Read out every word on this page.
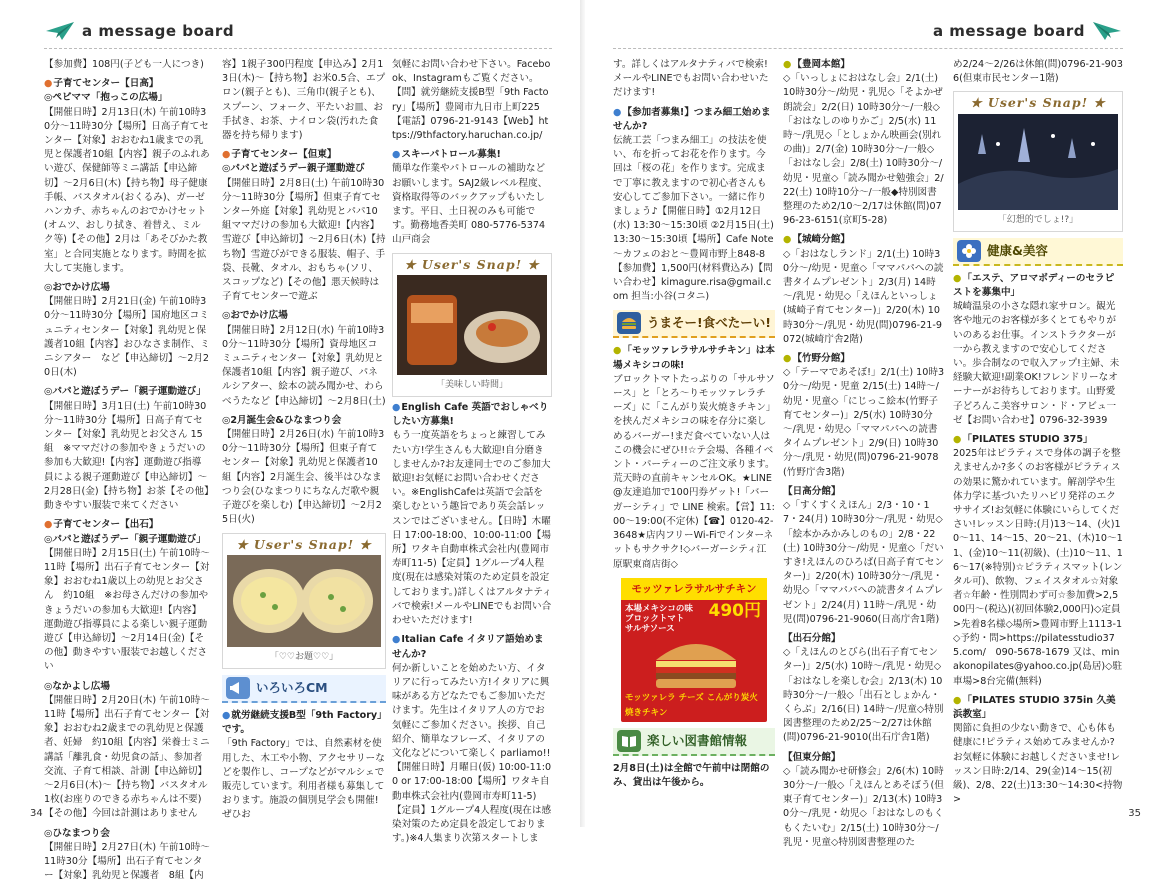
a message board

【参加費】108円(子ども一人につき)

● 子育てセンター【日高】

◎ぺビママ「抱っこの広場」

【開催日時】2月13日(木) 午前10時30分～11時30分【場所】日高子育てセンター【対象】おおむね1歳までの乳児と保護者10組【内容】親子のふれあい遊び、保健師等ミニ講話【申込締切】～2月6日(木)【持ち物】母子健康手帳、バスタオル(おくるみ)、ガーゼハンカチ、赤ちゃんのおでかけセット(オムツ、おしり拭き、着替え、ミルク等)【その他】2月は「あそびかた教室」と合同実施となります。時間を拡大して実施します。

◎おでかけ広場

【開催日時】2月21日(金) 午前10時30分～11時30分【場所】国府地区コミュニティセンター【対象】乳幼児と保護者10組【内容】おひなさま制作、ミニシアター　など【申込締切】～2月20日(木)

◎パパと遊ぼうデー「親子運動遊び」

【開催日時】3月1日(土) 午前10時30分～11時30分【場所】日高子育てセンター【対象】乳幼児とお父さん 15組　※ママだけの参加やきょうだいの参加も大歓迎!【内容】運動遊び指導員による親子運動遊び【申込締切】～2月28日(金)【持ち物】お茶【その他】動きやすい服装で来てください

● 子育てセンター【出石】

◎パパと遊ぼうデー「親子運動遊び」

【開催日時】2月15日(土) 午前10時～11時【場所】出石子育てセンター【対象】おおむね1歳以上の幼児とお父さん　約10組　※お母さんだけの参加やきょうだいの参加も大歓迎!【内容】運動遊び指導員による楽しい親子運動遊び【申込締切】～2月14日(金)【その他】動きやすい服装でお越しください

◎なかよし広場

【開催日時】2月20日(木) 午前10時～11時【場所】出石子育てセンター【対象】おおむね2歳までの乳幼児と保護者、妊婦　約10組【内容】栄養士ミニ講話「離乳食・幼児食の話」、参加者交流、子育て相談、計測【申込締切】～2月6日(木)～【持ち物】バスタオル1枚(お座りのできる赤ちゃんは不要)【その他】今回は計測はありません

◎ひなまつり会

【開催日時】2月27日(木) 午前10時～11時30分【場所】出石子育てセンター【対象】乳幼児と保護者　8組【内

容】1親子300円程度【申込み】2月13日(木)～【持ち物】お米0.5合、エプロン(親子とも)、三角巾(親子とも)、スプーン、フォーク、平たいお皿、お手拭き、お茶、ナイロン袋(汚れた食器を持ち帰ります)

● 子育てセンター【但東】

◎パパと遊ぼうデー親子運動遊び

【開催日時】2月8日(土) 午前10時30分～11時30分【場所】但東子育てセンター外庭【対象】乳幼児とパパ10組ママだけの参加も大歓迎!【内容】雪遊び【申込締切】～2月6日(木)【持ち物】雪遊びができる服装、帽子、手袋、長靴、タオル、おもちゃ(ソリ、スコップなど)【その他】悪天候時は子育てセンターで遊ぶ

◎おでかけ広場

【開催日時】2月12日(水) 午前10時30分～11時30分【場所】資母地区コミュニティセンター【対象】乳幼児と保護者10組【内容】親子遊び、パネルシアター、絵本の読み聞かせ、わらべうたなど【申込締切】～2月8日(土)

◎2月誕生会&ひなまつり会

【開催日時】2月26日(水) 午前10時30分～11時30分【場所】但東子育てセンター【対象】乳幼児と保護者10組【内容】2月誕生会、後半はひなまつり会(ひなまつりにちなんだ歌や親子遊びを楽しむ)【申込締切】～2月25日(火)

★ User's Snap! ★
「♡♡お題♡♡」
いろいろCM

● 就労継続支援B型「9th Factory」です。

「9th Factory」では、自然素材を使用した、木工や小物、アクセサリーなどを製作し、コープなどがマルシェで販売しています。利用者様も募集しております。施設の個別見学会も開催!ぜひお

気軽にお問い合わせ下さい。Facebook、Instagramもご覧ください。【問】就労継続支援B型「9th Factory」【場所】豊岡市九日市上町225【電話】0796-21-9143【Web】https://9thfactory.haruchan.co.jp/

● スキーパトロール募集!

簡単な作業やパトロールの補助などお願いします。SAJ2級レベル程度、資格取得等のバックアップもいたします。平日、土日祝のみも可能です。勤務地香美町 080-5776-5374 山戸商会

★ User's Snap! ★
「美味しい時間」

● English Cafe 英語でおしゃべりしたい方募集!

もう一度英語をちょっと練習してみたい方!学生さんも大歓迎!自分磨きしませんか?お友達同士でのご参加大歓迎!お気軽にお問い合わせください。※EnglishCafeは英語で会話を楽しむという趣旨であり英会話レッスンではございません。【日時】木曜日 17:00-18:00、10:00-11:00【場所】ワタキ自動車株式会社内(豊岡市寿町11-5)【定員】1グループ4人程度(現在は感染対策のため定員を設定しております。)詳しくはアルタナティバで検索!メールやLINEでもお問い合わせいただけます!

● Italian Cafe イタリア語始めませんか?

何か新しいことを始めたい方、イタリアに行ってみたい方!イタリアに興味がある方どなたでもご参加いただけます。先生はイタリア人の方でお気軽にご参加ください。挨拶、自己紹介、簡単なフレーズ、イタリアの文化などについて楽しく parliamo!!【開催日時】月曜日(仮) 10:00-11:00 or 17:00-18:00【場所】ワタキ自動車株式会社内(豊岡市寿町11-5)【定員】1グループ4人程度(現在は感染対策のため定員を設定しております。)※4人集まり次第スタートしま

34
a message board

す。詳しくはアルタナティバで検索!メールやLINEでもお問い合わせいただけます!

● 【参加者募集!】つまみ細工始めませんか?

伝統工芸「つまみ細工」の技法を使い、布を折ってお花を作ります。今回は「桜の花」を作ります。完成まで丁寧に教えますので初心者さんも安心してご参加下さい。一緒に作りましょう♪【開催日時】①2月12日(水) 13:30～15:30頃 ②2月15日(土) 13:30～15:30頃【場所】Cafe Note ～カフェのおと～豊岡市野上848-8【参加費】1,500円(材料費込み)【問い合わせ】kimagure.risa@gmail.com 担当:小谷(コタニ)

うまそー!食べたーい!

● 「モッツァレラサルサチキン」は本場メキシコの味!

ブロックトマトたっぷりの「サルサソース」と「とろ～りモッツァレラチーズ」に「こんがり炭火焼きチキン」を挟んだメキシコの味を存分に楽しめるバーガー!まだ食べていない人はこの機会にぜひ!!☆テ会場、各種イベント・パーティーのご注文承ります。荒天時の直前キャンセルOK。★LINE@友達追加で100円券ゲット!「バーガーシティ」で LINE 検索。【営】11:00～19:00(不定休)【☎】0120-42-3648★店内フリーWi-Fiでインターネットもサクサク!◇バーガーシティ江原駅東商店街◇

モッツァレラサルサチキン
本場メキシコの味
ブロックトマト
サルサソース
490円
モッツァレラ チーズ こんがり炭火焼きチキン
楽しい図書館情報

2月8日(土)は全館で午前中は閉館のみ、貸出は午後から。

● 【豊岡本館】

◇「いっしょにおはなし会」2/1(土) 10時30分～/幼児・乳児◇「そよかぜ朗読会」2/2(日) 10時30分～/一般◇「おはなしのゆりかご」2/5(水) 11時～/乳児◇「としょかん映画会(別れの曲)」2/7(金) 10時30分～/一般◇「おはなし会」2/8(土) 10時30分～/幼児・児童◇「読み聞かせ勉強会」2/22(土) 10時10分～/一般◆特別図書整理のため2/10～2/17は休館(問)0796-23-6151(京町5-28)

● 【城崎分館】

◇「おはなしランド」2/1(土) 10時30分～/幼児・児童◇「ママパパへの読書タイムプレゼント」2/3(月) 14時～/乳児・幼児◇「えほんといっしょ(城崎子育てセンター)」2/20(木) 10時30分～/乳児・幼児(問)0796-21-9072(城崎庁舎2階)

● 【竹野分館】

◇「テーマであそぼ!」2/1(土) 10時30分～/幼児・児童 2/15(土) 14時～/幼児・児童◇「にじっこ絵本(竹野子育てセンター)」2/5(水) 10時30分～/乳児・幼児◇「ママパパへの読書タイムプレゼント」2/9(日) 10時30分～/乳児・幼児(問)0796-21-9078(竹野庁舎3階)

【日高分館】

◇「すくすくえほん」2/3・10・17・24(月) 10時30分～/乳児・幼児◇「絵本かみかみしのもの」2/8・22(土) 10時30分～/幼児・児童◇「だいすき!えほんのひろば(日高子育てセンター)」2/20(木) 10時30分～/乳児・幼児◇「ママパパへの読書タイムプレゼント」2/24(月) 11時～/乳児・幼児(問)0796-21-9060(日高庁舎1階)

【出石分館】

◇「えほんのとびら(出石子育てセンター)」2/5(水) 10時～/乳児・幼児◇「おはなしを楽しむ会」2/13(木) 10時30分～/一般◇「出石としょかん・くらぶ」2/16(日) 14時～/児童◇特別図書整理のため2/25～2/27は休館(問)0796-21-9010(出石庁舎1階)

【但東分館】

◇「読み聞かせ研修会」2/6(木) 10時30分～/一般◇「えほんとあそぼう(但東子育てセンター)」2/13(木) 10時30分～/乳児・幼児◇「おはなしのもくもくたいむ」2/15(土) 10時30分～/乳児・児童◇特別図書整理のた

め2/24～2/26は休館(問)0796-21-9036(但東市民センター1階)

★ User's Snap! ★
「幻想的でしょ!?」
健康&美容

● 「エステ、アロマボディーのセラピストを募集中」

城崎温泉の小さな隠れ家サロン。観光客や地元のお客様が多くとてもやりがいのあるお仕事。インストラクターが一から教えますので安心してください。歩合制なので収入アップ!主婦、未経験大歓迎!副業OK!フレンドリーなオーナーがお待ちしております。山野愛子どろんこ美容サロン・ド・アビュ一ゼ【お問い合わせ】0796-32-3939

● 「PILATES STUDIO 375」

2025年はピラティスで身体の調子を整えませんか?多くのお客様がピラティスの効果に驚かれています。解剖学や生体力学に基づいたリハビリ発祥のエクササイズ!お気軽に体験にいらしてください!レッスン日時:(月)13～14、(火)10～11、14～15、20～21、(木)10～11、(金)10～11(初級)、(土)10～11、16～17(※特別)☆ピラティスマット(レンタル可)、飲物、フェイスタオル☆対象者☆年齢・性別問わず可☆参加費>2,500円～(税込)(初回体験2,000円)◇定員>先着8名様◇場所>豊岡市野上1113-1◇予約・問>https://pilatesstudio375.com/　090-5678-1679 又は、minakonopilates@yahoo.co.jp(島居)◇駐車場>8台完備(無料)

● 「PILATES STUDIO 375in 久美浜教室」

関節に負担の少ない動きで、心も体も健康に!ピラティス始めてみませんか?お気軽に体験にお越しくださいませ!レッスン日時:2/14、29(金)14～15(初級)、2/8、22(土)13:30～14:30<持物>

35
